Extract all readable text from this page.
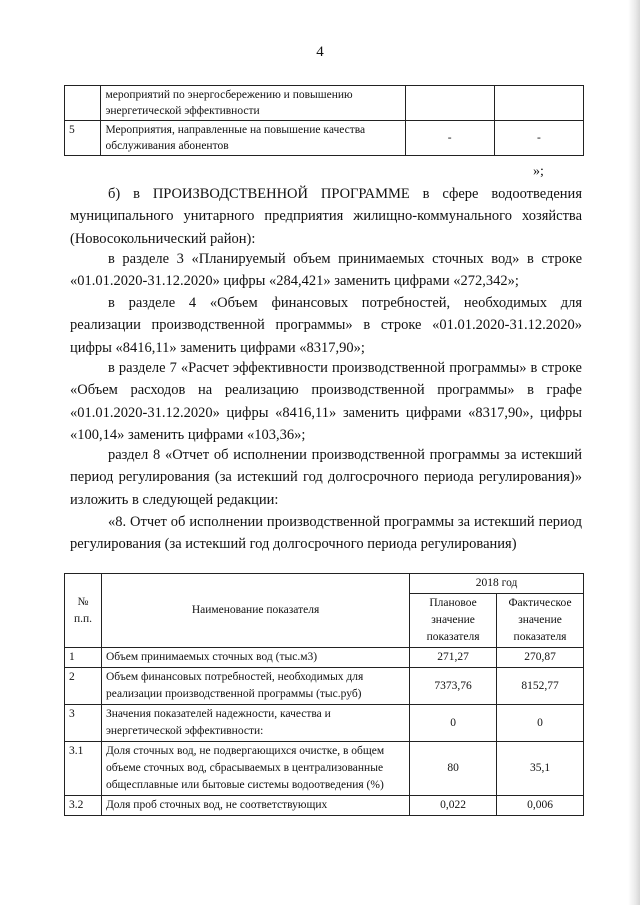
4
	мероприятий по энергосбережению и повышению энергетической эффективности		
5	Мероприятия, направленные на повышение качества обслуживания абонентов	-	-
»;
б) в ПРОИЗВОДСТВЕННОЙ ПРОГРАММЕ в сфере водоотведения муниципального унитарного предприятия жилищно-коммунального хозяйства (Новосокольнический район):
в разделе 3 «Планируемый объем принимаемых сточных вод» в строке «01.01.2020-31.12.2020» цифры «284,421» заменить цифрами «272,342»;
в разделе 4 «Объем финансовых потребностей, необходимых для реализации производственной программы» в строке «01.01.2020-31.12.2020» цифры «8416,11» заменить цифрами «8317,90»;
в разделе 7 «Расчет эффективности производственной программы» в строке «Объем расходов на реализацию производственной программы» в графе «01.01.2020-31.12.2020» цифры «8416,11» заменить цифрами «8317,90», цифры «100,14» заменить цифрами «103,36»;
раздел 8 «Отчет об исполнении производственной программы за истекший период регулирования (за истекший год долгосрочного периода регулирования)» изложить в следующей редакции:
«8. Отчет об исполнении производственной программы за истекший период регулирования (за истекший год долгосрочного периода регулирования)
№ п.п.	Наименование показателя	2018 год	
		Плановое значение показателя	Фактическое значение показателя
1	Объем принимаемых сточных вод (тыс.м3)	271,27	270,87
2	Объем финансовых потребностей, необходимых для реализации производственной программы (тыс.руб)	7373,76	8152,77
3	Значения показателей надежности, качества и энергетической эффективности:	0	0
3.1	Доля сточных вод, не подвергающихся очистке, в общем объеме сточных вод, сбрасываемых в централизованные общесплавные или бытовые системы водоотведения (%)	80	35,1
3.2	Доля проб сточных вод, не соответствующих	0,022	0,006
